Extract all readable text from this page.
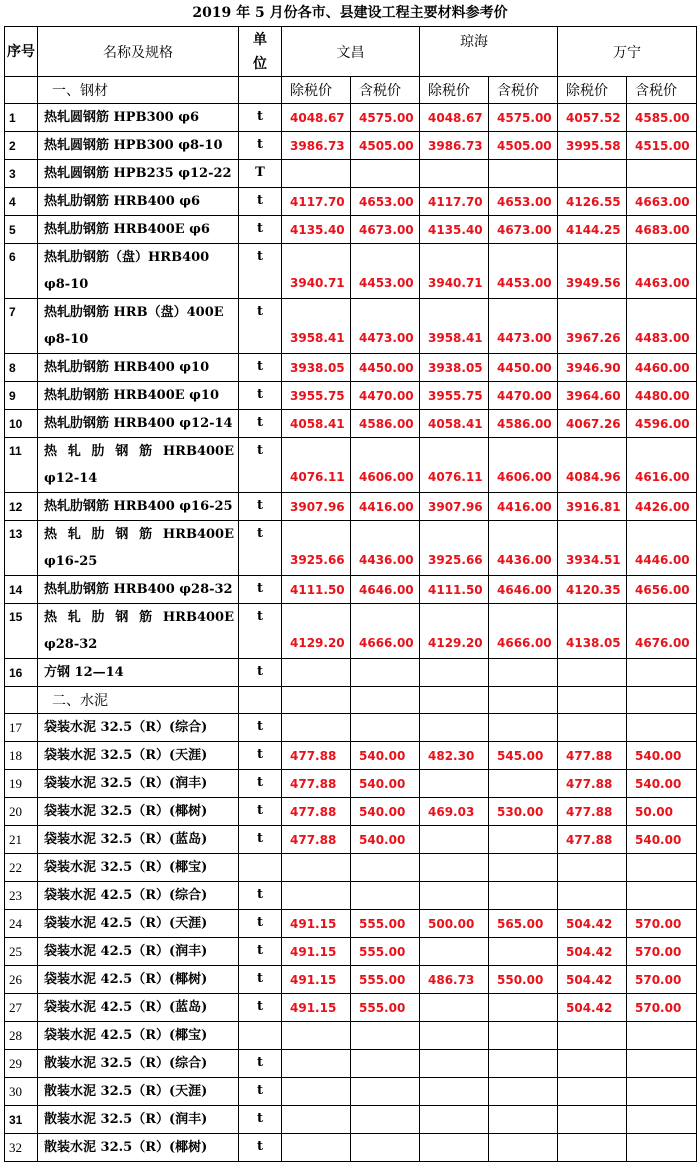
2019 年 5 月份各市、县建设工程主要材料参考价
序号	名称及规格	单位	文昌		琼海		万宁	
	一、钢材		除税价	含税价	除税价	含税价	除税价	含税价
1	热轧圆钢筋 HPB300 φ6	t	4048.67	4575.00	4048.67	4575.00	4057.52	4585.00
2	热轧圆钢筋 HPB300 φ8-10	t	3986.73	4505.00	3986.73	4505.00	3995.58	4515.00
3	热轧圆钢筋 HPB235 φ12-22	T						
4	热轧肋钢筋 HRB400 φ6	t	4117.70	4653.00	4117.70	4653.00	4126.55	4663.00
5	热轧肋钢筋 HRB400E φ6	t	4135.40	4673.00	4135.40	4673.00	4144.25	4683.00
6	热轧肋钢筋（盘）HRB400
φ8-10	t	3940.71	4453.00	3940.71	4453.00	3949.56	4463.00
7	热轧肋钢筋 HRB（盘）400E
φ8-10	t	3958.41	4473.00	3958.41	4473.00	3967.26	4483.00
8	热轧肋钢筋 HRB400 φ10	t	3938.05	4450.00	3938.05	4450.00	3946.90	4460.00
9	热轧肋钢筋 HRB400E φ10	t	3955.75	4470.00	3955.75	4470.00	3964.60	4480.00
10	热轧肋钢筋 HRB400 φ12-14	t	4058.41	4586.00	4058.41	4586.00	4067.26	4596.00
11	热 轧 肋 钢 筋 HRB400E
φ12-14	t	4076.11	4606.00	4076.11	4606.00	4084.96	4616.00
12	热轧肋钢筋 HRB400 φ16-25	t	3907.96	4416.00	3907.96	4416.00	3916.81	4426.00
13	热 轧 肋 钢 筋 HRB400E
φ16-25	t	3925.66	4436.00	3925.66	4436.00	3934.51	4446.00
14	热轧肋钢筋 HRB400 φ28-32	t	4111.50	4646.00	4111.50	4646.00	4120.35	4656.00
15	热 轧 肋 钢 筋 HRB400E
φ28-32	t	4129.20	4666.00	4129.20	4666.00	4138.05	4676.00
16	方钢 12—14	t						
	二、水泥							
17	袋装水泥 32.5（R）(综合)	t						
18	袋装水泥 32.5（R）(天涯)	t	477.88	540.00	482.30	545.00	477.88	540.00
19	袋装水泥 32.5（R）(润丰)	t	477.88	540.00			477.88	540.00
20	袋装水泥 32.5（R）(椰树)	t	477.88	540.00	469.03	530.00	477.88	50.00
21	袋装水泥 32.5（R）(蓝岛)	t	477.88	540.00			477.88	540.00
22	袋装水泥 32.5（R）(椰宝)							

23	袋装水泥 42.5（R）(综合)	t						
24	袋装水泥 42.5（R）(天涯)	t	491.15	555.00	500.00	565.00	504.42	570.00
25	袋装水泥 42.5（R）(润丰)	t	491.15	555.00			504.42	570.00
26	袋装水泥 42.5（R）(椰树)	t	491.15	555.00	486.73	550.00	504.42	570.00
27	袋装水泥 42.5（R）(蓝岛)	t	491.15	555.00			504.42	570.00
28	袋装水泥 42.5（R）(椰宝)							

29	散装水泥 32.5（R）(综合)	t						
30	散装水泥 32.5（R）(天涯)	t						
31	散装水泥 32.5（R）(润丰)	t						
32	散装水泥 32.5（R）(椰树)	t						
